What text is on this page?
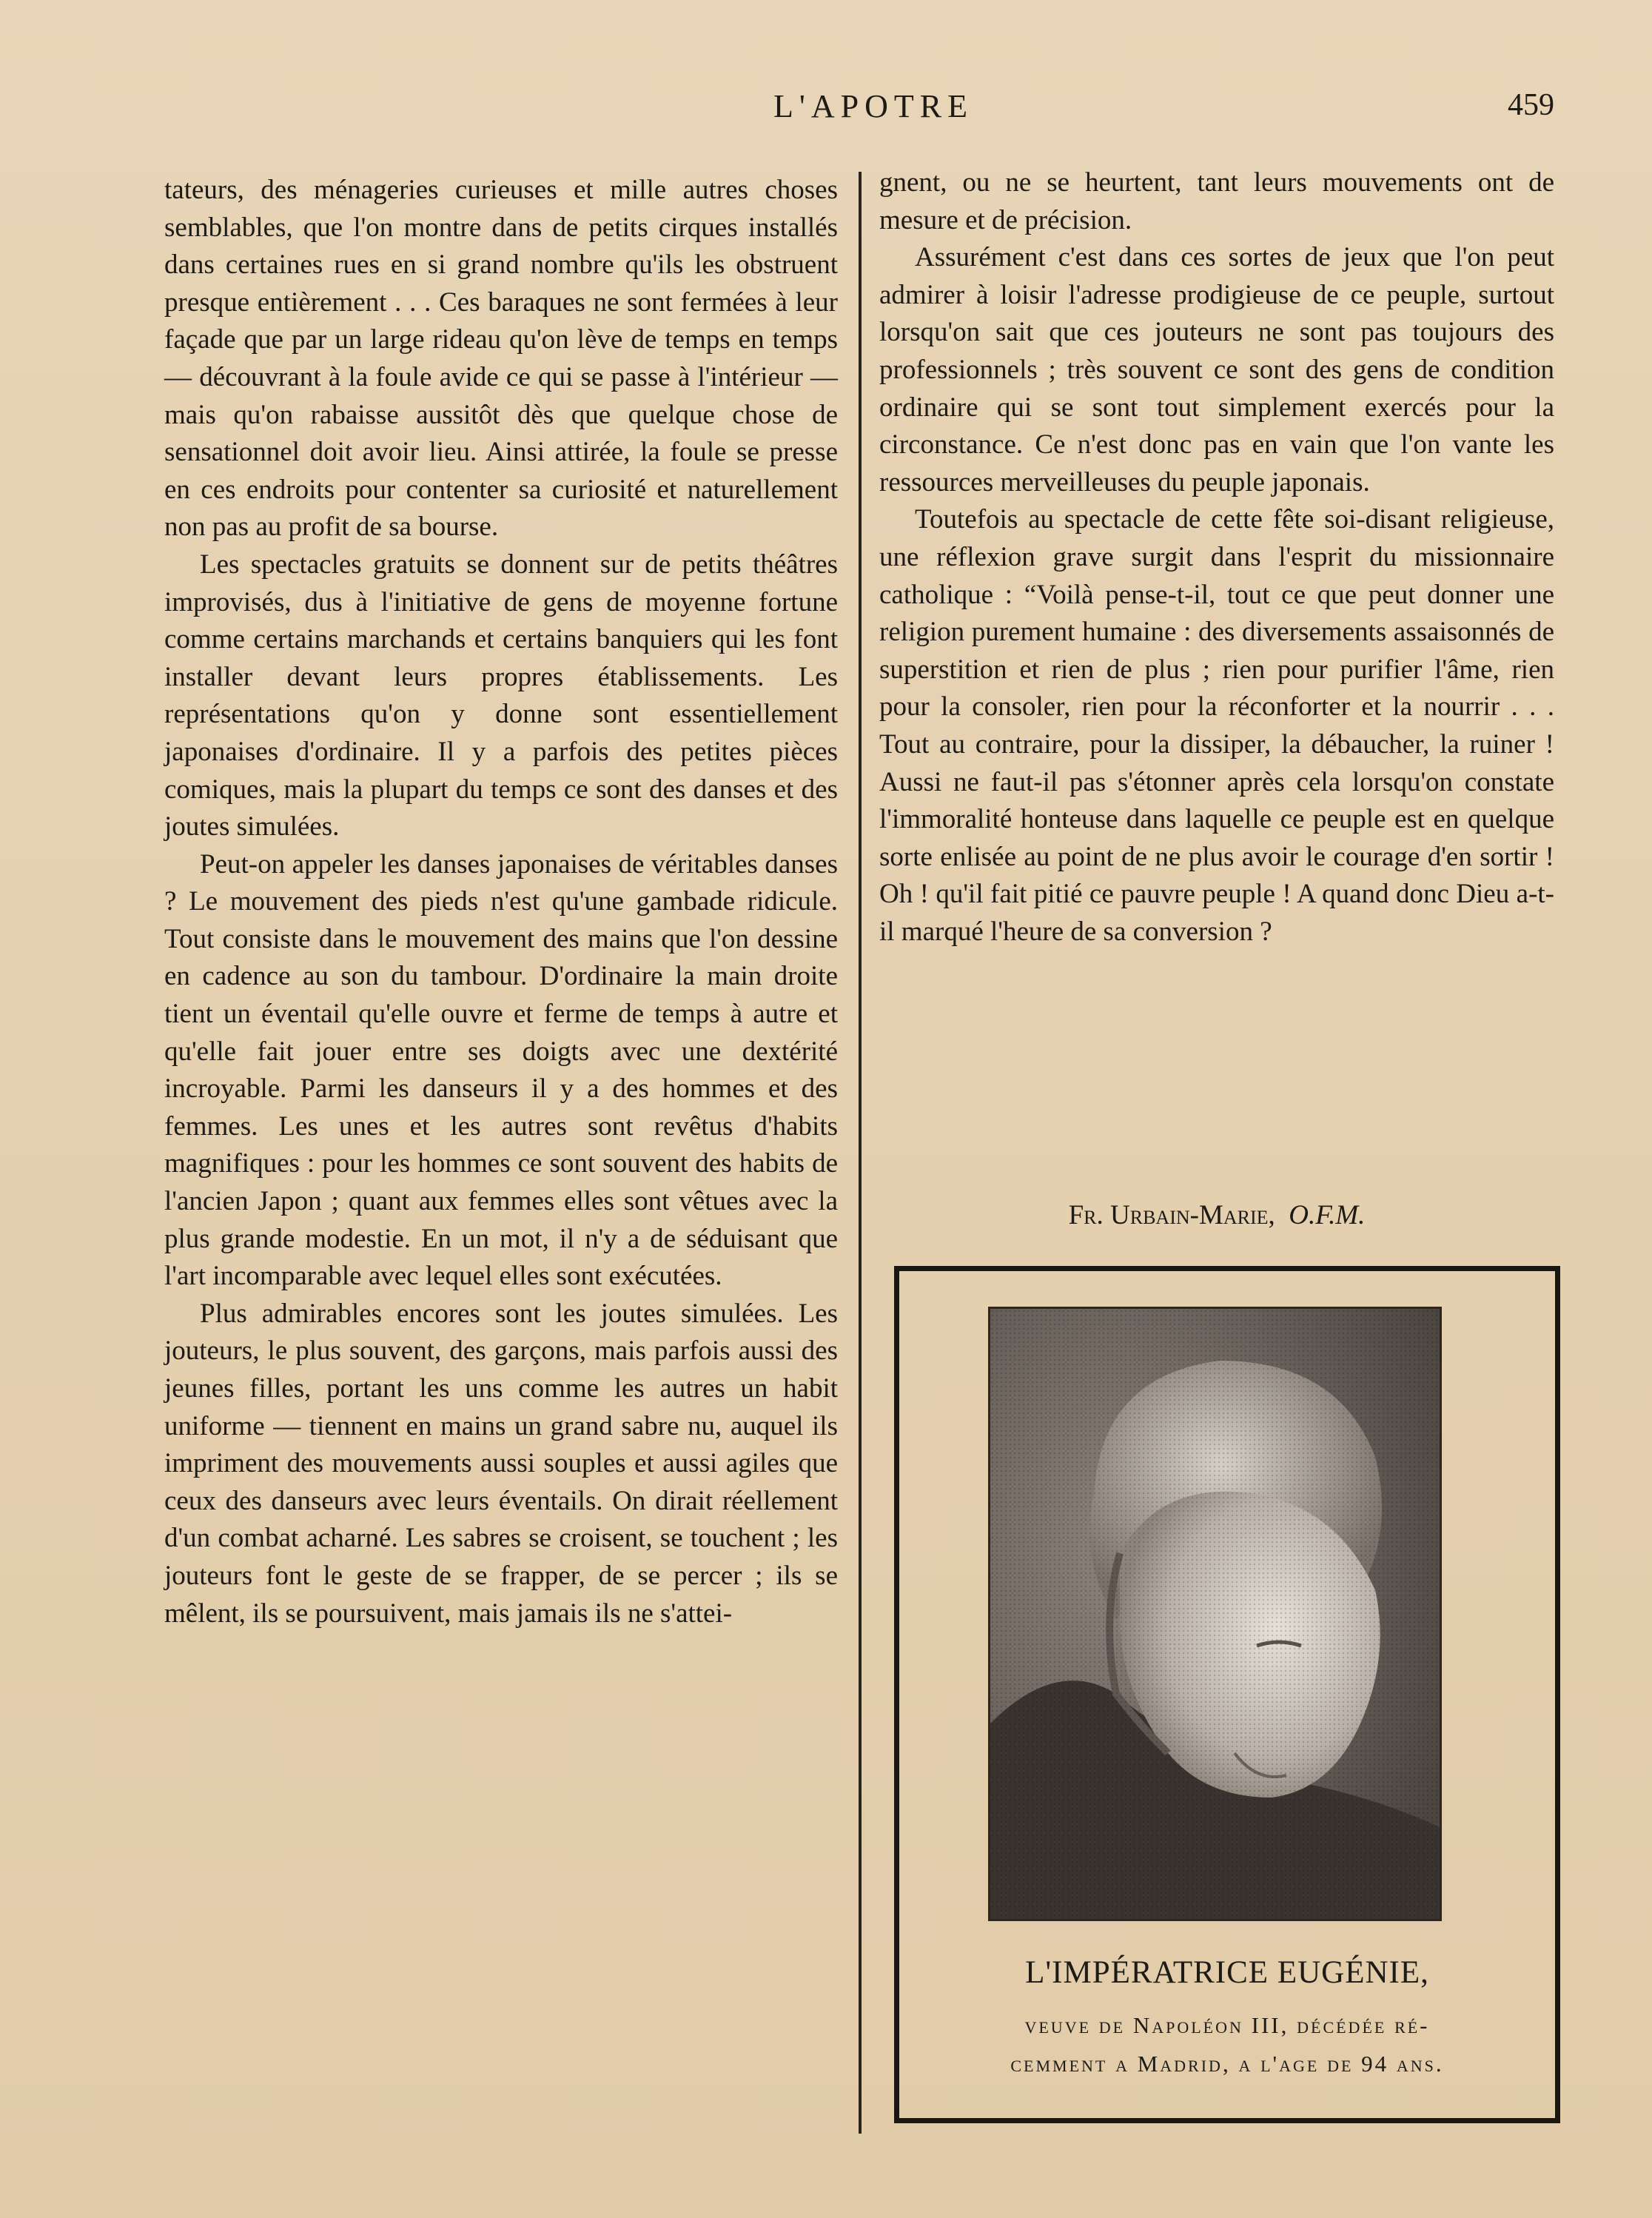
L'APOTRE	459

tateurs, des ménageries curieuses et mille autres choses semblables, que l'on montre dans de petits cirques installés dans certaines rues en si grand nombre qu'ils les obstruent presque entièrement . . . Ces baraques ne sont fermées à leur façade que par un large rideau qu'on lève de temps en temps — découvrant à la foule avide ce qui se passe à l'intérieur — mais qu'on rabaisse aussitôt dès que quelque chose de sensationnel doit avoir lieu. Ainsi attirée, la foule se presse en ces endroits pour contenter sa curiosité et naturellement non pas au profit de sa bourse.

Les spectacles gratuits se donnent sur de petits théâtres improvisés, dus à l'initiative de gens de moyenne fortune comme certains marchands et certains banquiers qui les font installer devant leurs propres établissements. Les représentations qu'on y donne sont essentiellement japonaises d'ordinaire. Il y a parfois des petites pièces comiques, mais la plupart du temps ce sont des danses et des joutes simulées.

Peut-on appeler les danses japonaises de véritables danses ? Le mouvement des pieds n'est qu'une gambade ridicule. Tout consiste dans le mouvement des mains que l'on dessine en cadence au son du tambour. D'ordinaire la main droite tient un éventail qu'elle ouvre et ferme de temps à autre et qu'elle fait jouer entre ses doigts avec une dextérité incroyable. Parmi les danseurs il y a des hommes et des femmes. Les unes et les autres sont revêtus d'habits magnifiques : pour les hommes ce sont souvent des habits de l'ancien Japon ; quant aux femmes elles sont vêtues avec la plus grande modestie. En un mot, il n'y a de séduisant que l'art incomparable avec lequel elles sont exécutées.

Plus admirables encores sont les joutes simulées. Les jouteurs, le plus souvent, des garçons, mais parfois aussi des jeunes filles, portant les uns comme les autres un habit uniforme — tiennent en mains un grand sabre nu, auquel ils impriment des mouvements aussi souples et aussi agiles que ceux des danseurs avec leurs éventails. On dirait réellement d'un combat acharné. Les sabres se croisent, se touchent ; les jouteurs font le geste de se frapper, de se percer ; ils se mêlent, ils se poursuivent, mais jamais ils ne s'attei-

gnent, ou ne se heurtent, tant leurs mouvements ont de mesure et de précision.

Assurément c'est dans ces sortes de jeux que l'on peut admirer à loisir l'adresse prodigieuse de ce peuple, surtout lorsqu'on sait que ces jouteurs ne sont pas toujours des professionnels ; très souvent ce sont des gens de condition ordinaire qui se sont tout simplement exercés pour la circonstance. Ce n'est donc pas en vain que l'on vante les ressources merveilleuses du peuple japonais.

Toutefois au spectacle de cette fête soi-disant religieuse, une réflexion grave surgit dans l'esprit du missionnaire catholique : “Voilà pense-t-il, tout ce que peut donner une religion purement humaine : des diversements assaisonnés de superstition et rien de plus ; rien pour purifier l'âme, rien pour la consoler, rien pour la réconforter et la nourrir . . . Tout au contraire, pour la dissiper, la débaucher, la ruiner ! Aussi ne faut-il pas s'étonner après cela lorsqu'on constate l'immoralité honteuse dans laquelle ce peuple est en quelque sorte enlisée au point de ne plus avoir le courage d'en sortir ! Oh ! qu'il fait pitié ce pauvre peuple ! A quand donc Dieu a-t-il marqué l'heure de sa conversion ?

Fr. Urbain-Marie, O.F.M.
L'IMPÉRATRICE EUGÉNIE,
veuve de Napoléon III, décédée ré-
cemment a Madrid, a l'age de 94 ans.
